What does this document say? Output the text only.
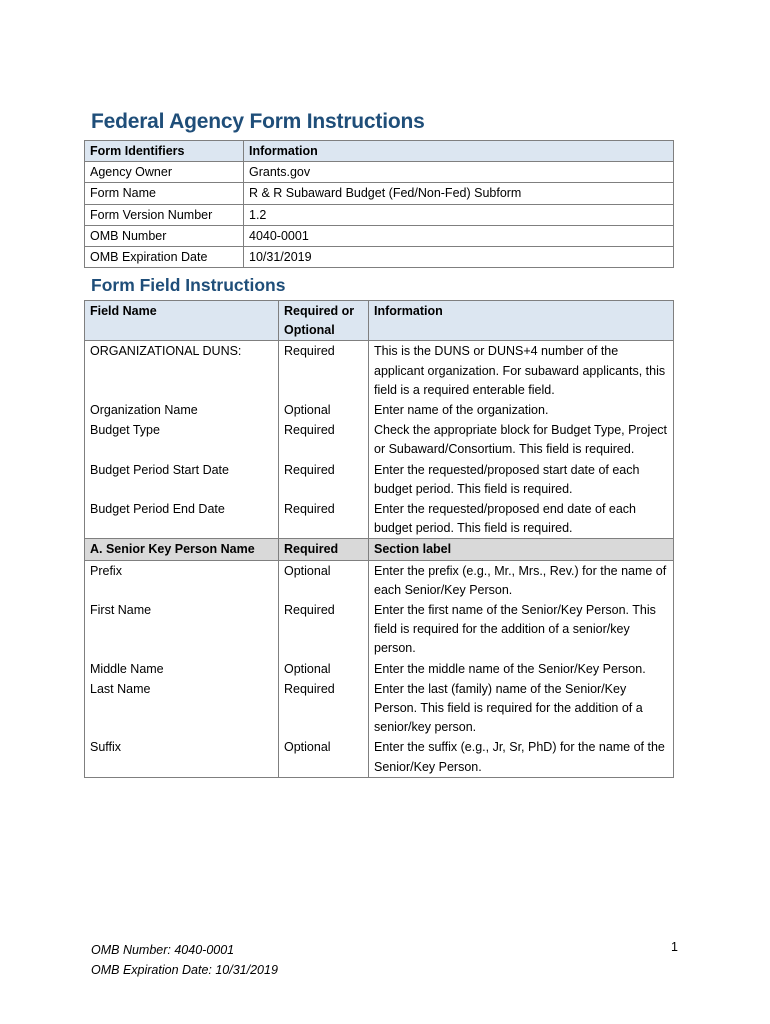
Federal Agency Form Instructions
Form Identifiers	Information
Agency Owner	Grants.gov
Form Name	R & R Subaward Budget (Fed/Non-Fed) Subform
Form Version Number	1.2
OMB Number	4040-0001
OMB Expiration Date	10/31/2019
Form Field Instructions
Field Name	Required or Optional	Information
ORGANIZATIONAL DUNS:	Required	This is the DUNS or DUNS+4 number of the applicant organization. For subaward applicants, this field is a required enterable field.
Organization Name	Optional	Enter name of the organization.
Budget Type	Required	Check the appropriate block for Budget Type, Project or Subaward/Consortium. This field is required.
Budget Period Start Date	Required	Enter the requested/proposed start date of each budget period. This field is required.
Budget Period End Date	Required	Enter the requested/proposed end date of each budget period. This field is required.
A. Senior Key Person Name	Required	Section label
Prefix	Optional	Enter the prefix (e.g., Mr., Mrs., Rev.) for the name of each Senior/Key Person.
First Name	Required	Enter the first name of the Senior/Key Person. This field is required for the addition of a senior/key person.
Middle Name	Optional	Enter the middle name of the Senior/Key Person.
Last Name	Required	Enter the last (family) name of the Senior/Key Person. This field is required for the addition of a senior/key person.
Suffix	Optional	Enter the suffix (e.g., Jr, Sr, PhD) for the name of the Senior/Key Person.
OMB Number: 4040-0001
OMB Expiration Date: 10/31/2019
1
